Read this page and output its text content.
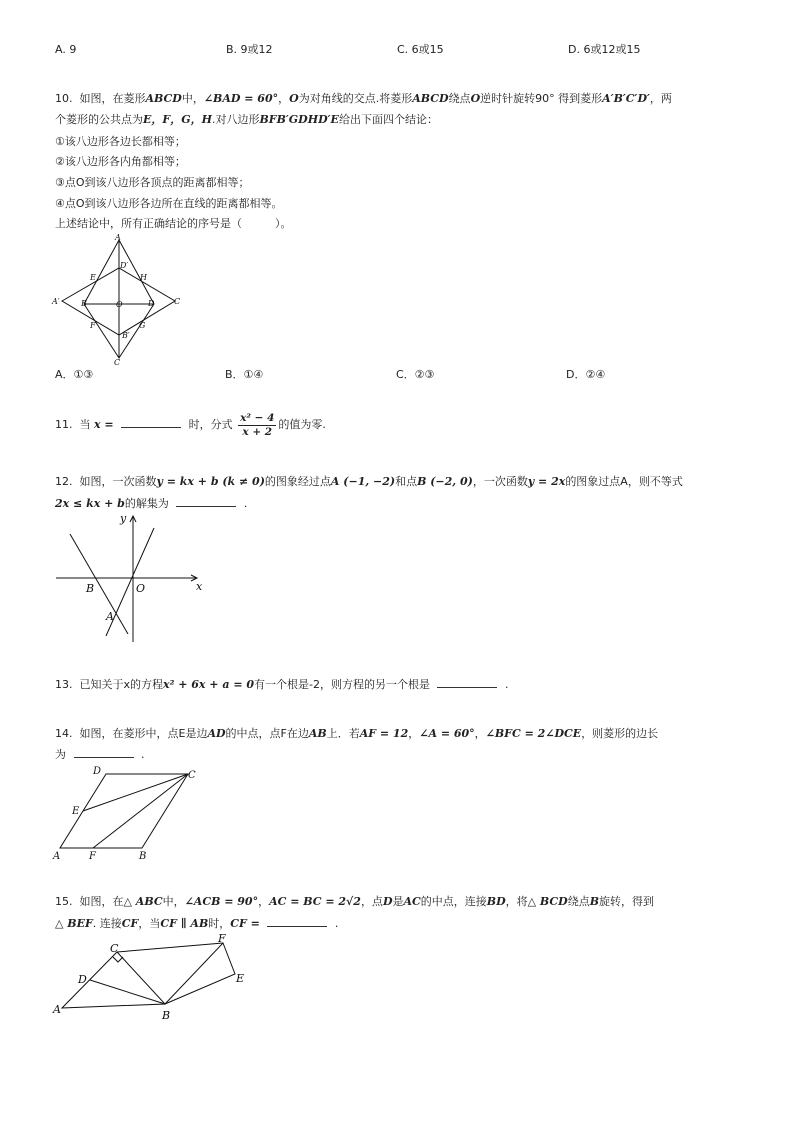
A. 9	B. 9或12	C. 6或15	D. 6或12或15
10. 如图，在菱形ABCD中，∠BAD = 60°，O为对角线的交点.将菱形ABCD绕点O逆时针旋转90° 得到菱形A′B′C′D′，两
个菱形的公共点为E，F，G，H.对八边形BFB′GDHD′E给出下面四个结论：
①该八边形各边长都相等；
②该八边形各内角都相等；
③点O到该八边形各顶点的距离都相等；
④点O到该八边形各边所在直线的距离都相等。
上述结论中，所有正确结论的序号是（　　　）。
A
A′	B
B′
C
C
D
D′
E
F	G
H
O
A．①③	B．①④	C．②③	D．②④
11. 当 x =	时，分式 $\frac{\text{x² − 4}}{x + 2}$ 的值为零.
12. 如图，一次函数y = kx + b (k ≠ 0)的图象经过点A (−1, −2)和点B (−2, 0)，一次函数y = 2x的图象过点A，则不等式
2x ≤ kx + b的解集为	.
y
x
B	O
A
13. 已知关于x的方程x² + 6x + a = 0有一个根是-2，则方程的另一个根是	.
14. 如图，在菱形中，点E是边AD的中点，点F在边AB上．若AF = 12，∠A = 60°，∠BFC = 2∠DCE，则菱形的边长
为	.
D	C
E
A	F	B
15. 如图，在△ ABC中，∠ACB = 90°，AC = BC = 2√2，点D是AC的中点，连接BD，将△ BCD绕点B旋转，得到
△ BEF. 连接CF，当CF ∥ AB时，CF =	.
C
F
D	E
A	B
